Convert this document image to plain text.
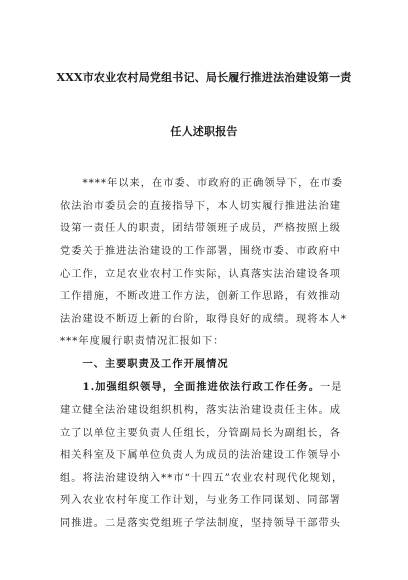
XXX市农业农村局党组书记、局长履行推进法治建设第一责
任人述职报告
　　****年以来，在市委、市政府的正确领导下，在市委
依法治市委员会的直接指导下，本人切实履行推进法治建
设第一责任人的职责，团结带领班子成员，严格按照上级
党委关于推进法治建设的工作部署，围绕市委、市政府中
心工作，立足农业农村工作实际，认真落实法治建设各项
工作措施，不断改进工作方法，创新工作思路，有效推动
法治建设不断迈上新的台阶，取得良好的成绩。现将本人*
***年度履行职责情况汇报如下：
　　一、主要职责及工作开展情况
　　1.加强组织领导，全面推进依法行政工作任务。一是
建立健全法治建设组织机构，落实法治建设责任主体。成
立了以单位主要负责人任组长，分管副局长为副组长，各
相关科室及下属单位负责人为成员的法治建设工作领导小
组。将法治建设纳入**市“十四五”农业农村现代化规划，
列入农业农村年度工作计划，与业务工作同谋划、同部署
同推进。二是落实党组班子学法制度，坚持领导干部带头
